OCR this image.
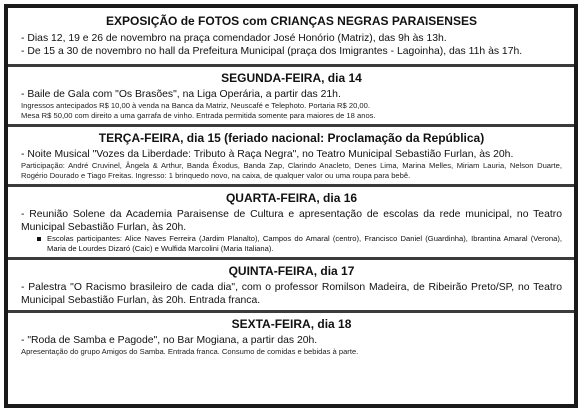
EXPOSIÇÃO de FOTOS com CRIANÇAS NEGRAS PARAISENSES
- Dias 12, 19 e 26 de novembro na praça comendador José Honório (Matriz), das 9h às 13h.
- De 15 a 30 de novembro no hall da Prefeitura Municipal (praça dos Imigrantes - Lagoinha), das 11h às 17h.
SEGUNDA-FEIRA, dia 14
- Baile de Gala com "Os Brasões", na Liga Operária, a partir das 21h.
Ingressos antecipados R$ 10,00 à venda na Banca da Matriz, Neuscafé e Telephoto. Portaria R$ 20,00.
Mesa R$ 50,00 com direito a uma garrafa de vinho. Entrada permitida somente para maiores de 18 anos.
TERÇA-FEIRA, dia 15 (feriado nacional: Proclamação da República)
- Noite Musical "Vozes da Liberdade: Tributo à Raça Negra", no Teatro Municipal Sebastião Furlan, às 20h.
Participação: André Cruvinel, Ângela & Arthur, Banda Êxodus, Banda Zap, Clarindo Anacleto, Denes Lima, Marina Melles, Miriam Lauria, Nelson Duarte, Rogério Dourado e Tiago Freitas. Ingresso: 1 brinquedo novo, na caixa, de qualquer valor ou uma roupa para bebê.
QUARTA-FEIRA, dia 16
- Reunião Solene da Academia Paraisense de Cultura e apresentação de escolas da rede municipal, no Teatro Municipal Sebastião Furlan, às 20h.
Escolas participantes: Alice Naves Ferreira (Jardim Planalto), Campos do Amaral (centro), Francisco Daniel (Guardinha), Ibrantina Amaral (Verona), Maria de Lourdes Dizaró (Caic) e Wulfida Marcolini (Maria Italiana).
QUINTA-FEIRA, dia 17
- Palestra "O Racismo brasileiro de cada dia", com o professor Romilson Madeira, de Ribeirão Preto/SP, no Teatro Municipal Sebastião Furlan, às 20h. Entrada franca.
SEXTA-FEIRA, dia 18
- "Roda de Samba e Pagode", no Bar Mogiana, a partir das 20h.
Apresentação do grupo Amigos do Samba. Entrada franca. Consumo de comidas e bebidas à parte.
